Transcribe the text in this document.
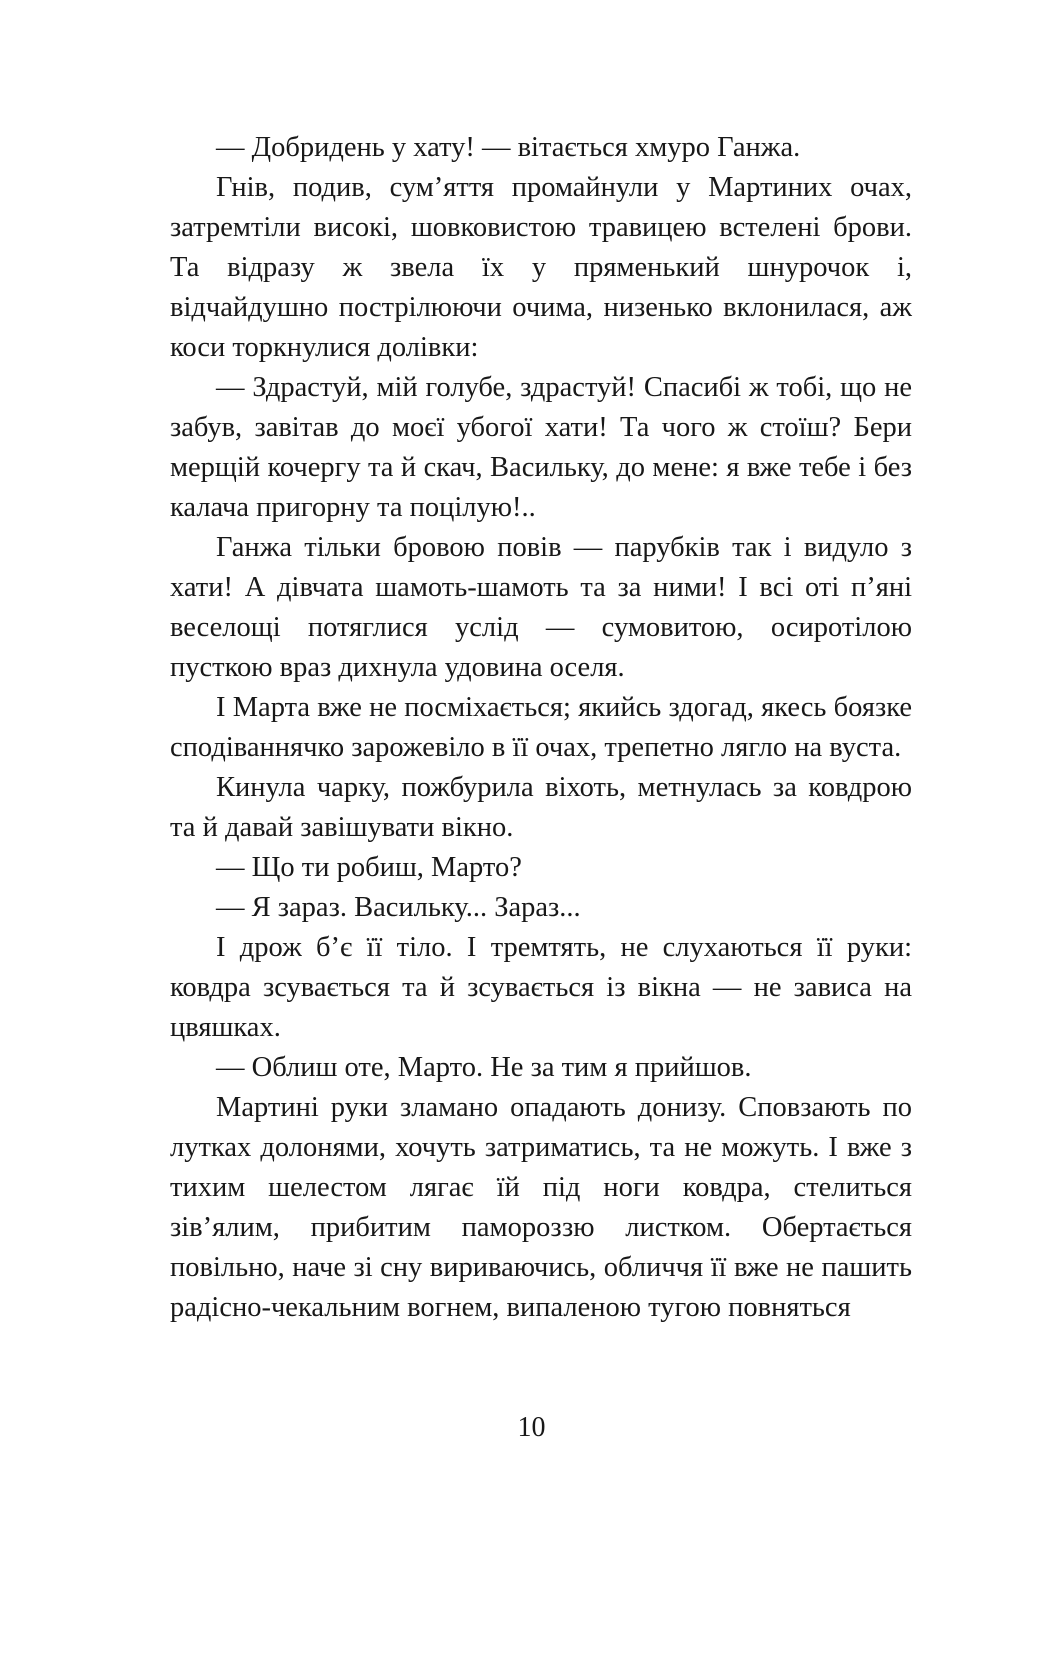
— Добридень у хату! — вітається хмуро Ганжа.

Гнів, подив, сум’яття промайнули у Мартиних очах, затремтіли високі, шовковистою травицею встелені брови. Та відразу ж звела їх у пряменький шнурочок і, відчайдушно пострілюючи очима, низенько вклонилася, аж коси торкнулися долівки:

— Здрастуй, мій голубе, здрастуй! Спасибі ж тобі, що не забув, завітав до моєї убогої хати! Та чого ж стоїш? Бери мерщій кочергу та й скач, Васильку, до мене: я вже тебе і без калача пригорну та поцілую!..

Ганжа тільки бровою повів — парубків так і видуло з хати! А дівчата шамоть-шамоть та за ними! І всі оті п’яні веселощі потяглися услід — сумовитою, осиротілою пусткою враз дихнула удовина оселя.

І Марта вже не посміхається; якийсь здогад, якесь боязке сподіваннячко зарожевіло в її очах, трепетно лягло на вуста.

Кинула чарку, пожбурила віхоть, метнулась за ковдрою та й давай завішувати вікно.

— Що ти робиш, Марто?

— Я зараз. Васильку... Зараз...

І дрож б’є її тіло. І тремтять, не слухаються її руки: ковдра зсувається та й зсувається із вікна — не зависа на цвяшках.

— Облиш оте, Марто. Не за тим я прийшов.

Мартині руки зламано опадають донизу. Сповзають по лутках долонями, хочуть затриматись, та не можуть. І вже з тихим шелестом лягає їй під ноги ковдра, стелиться зів’ялим, прибитим памороззю листком. Обертається повільно, наче зі сну вириваючись, обличчя її вже не пашить радісно-чекальним вогнем, випаленою тугою повняться

10
